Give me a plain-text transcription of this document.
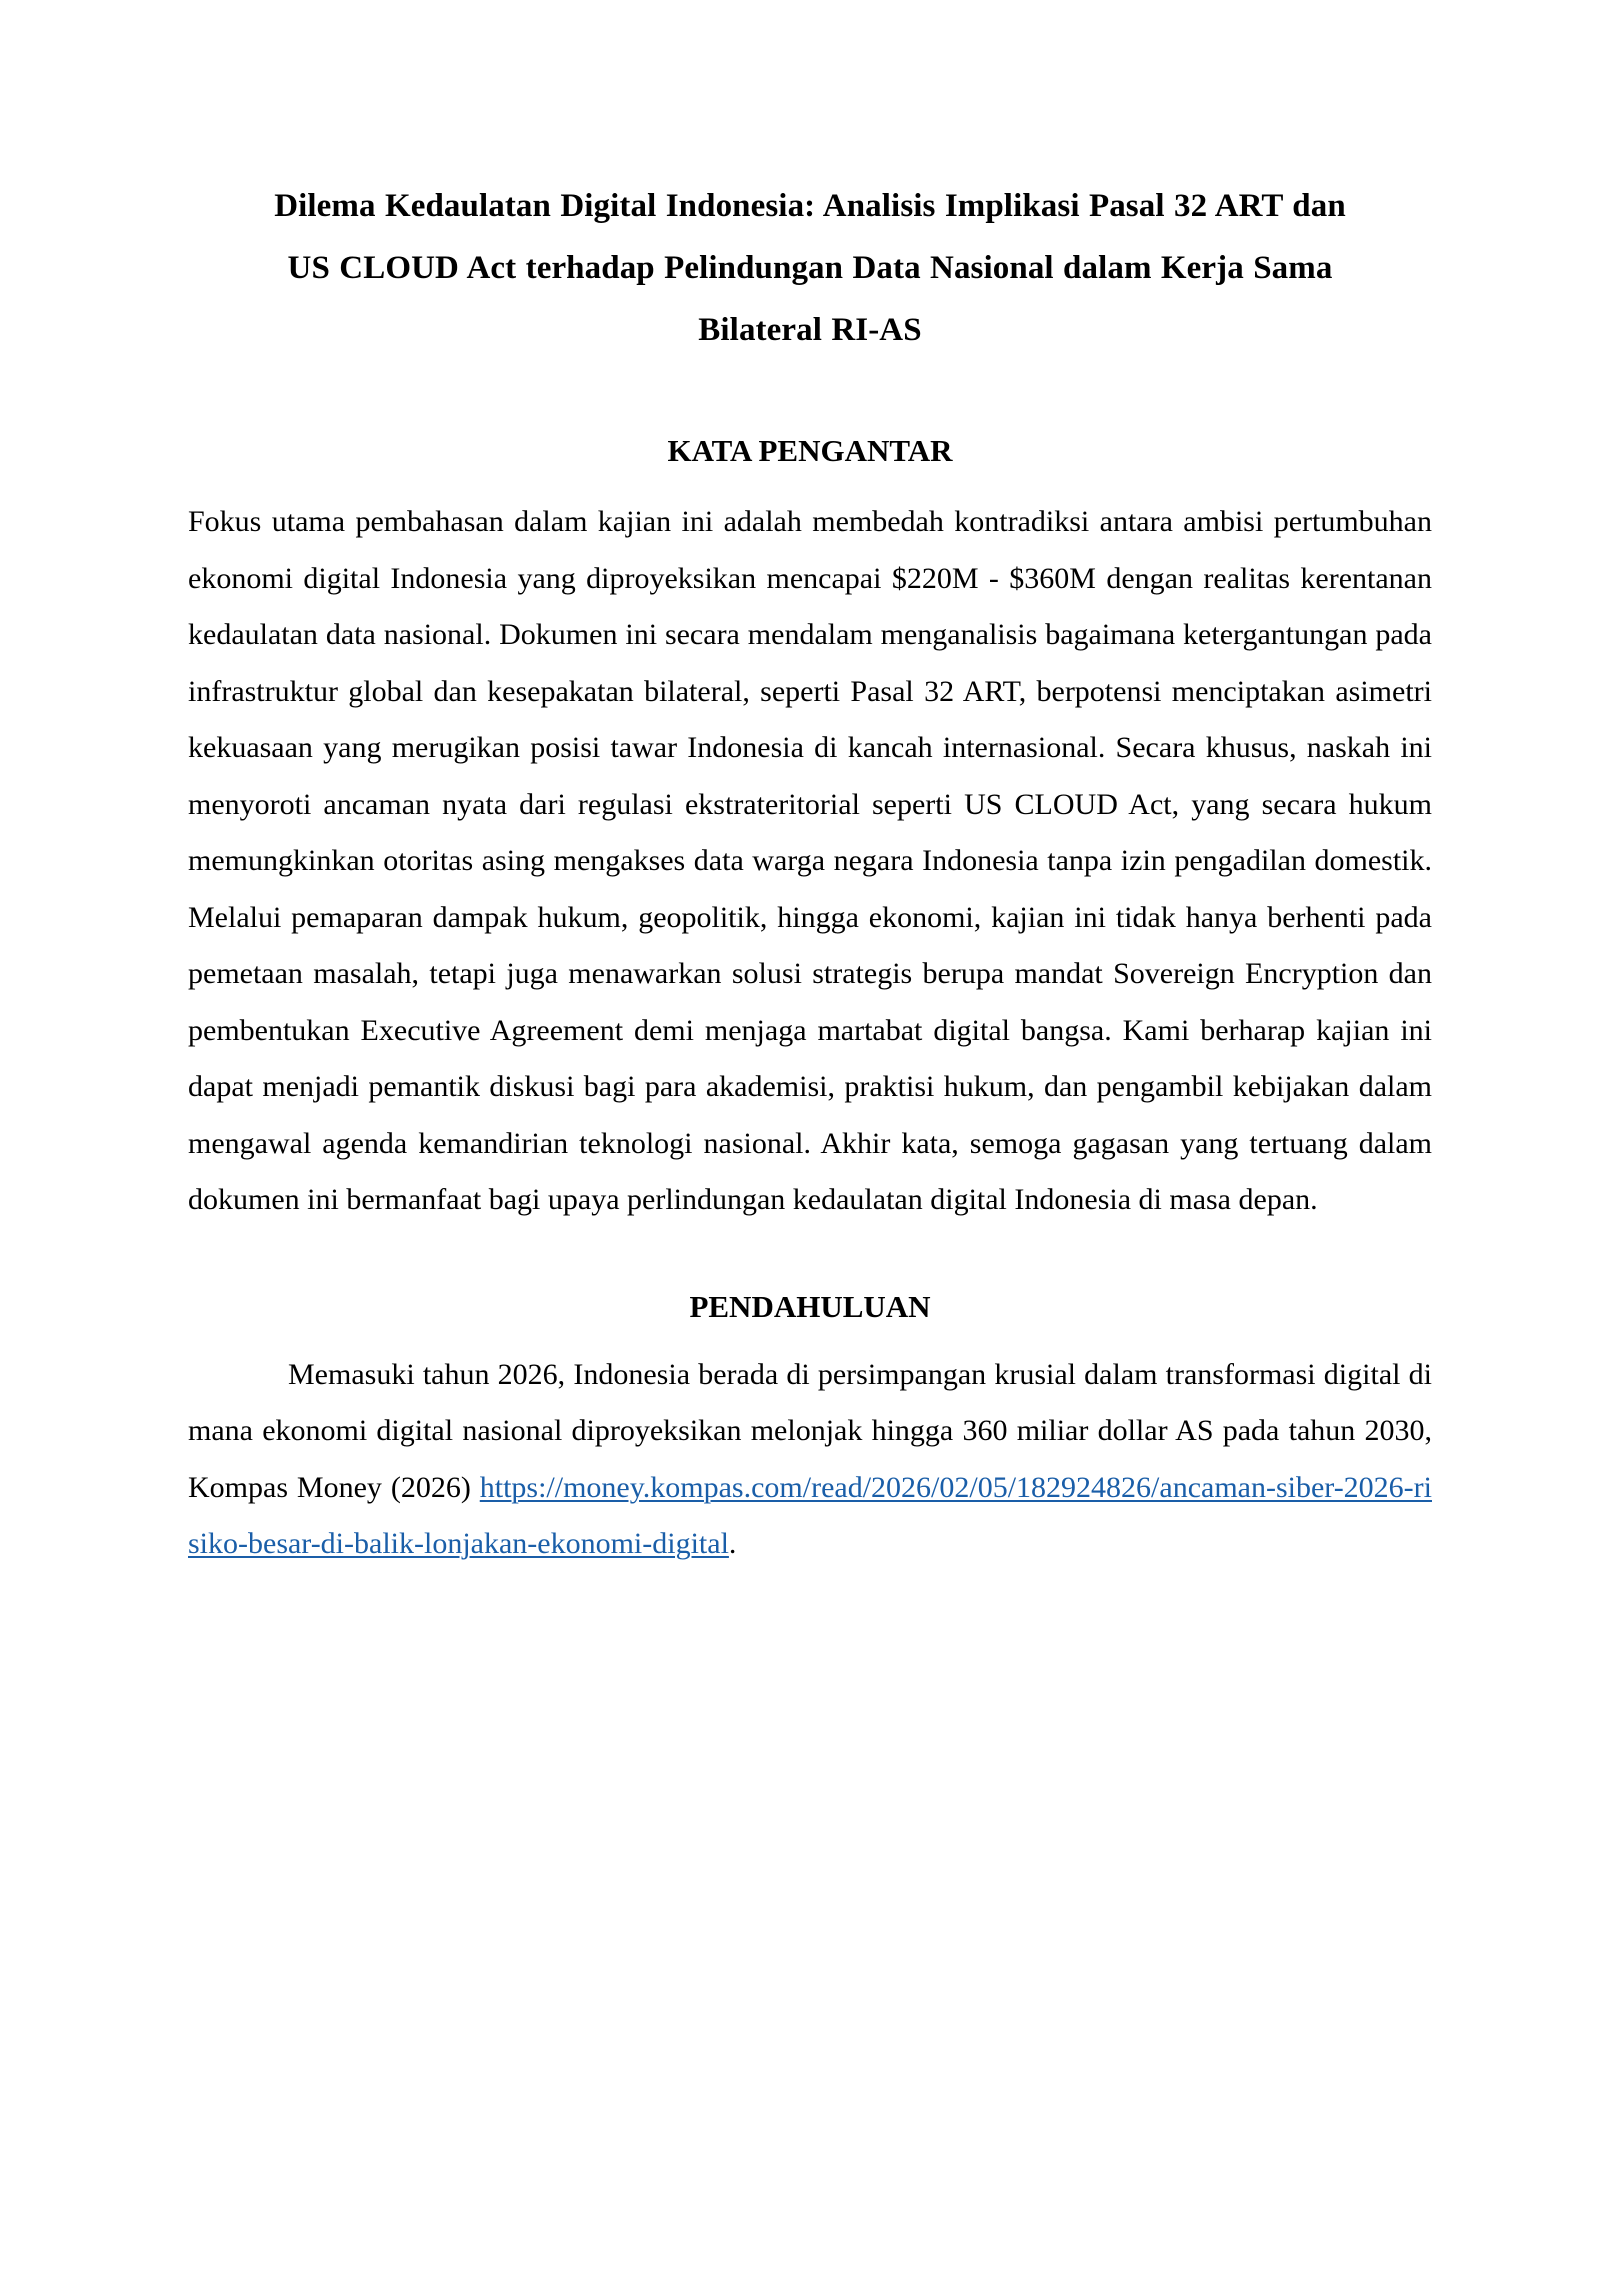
Dilema Kedaulatan Digital Indonesia: Analisis Implikasi Pasal 32 ART dan
US CLOUD Act terhadap Pelindungan Data Nasional dalam Kerja Sama
Bilateral RI-AS
KATA PENGANTAR

Fokus utama pembahasan dalam kajian ini adalah membedah kontradiksi antara ambisi pertumbuhan ekonomi digital Indonesia yang diproyeksikan mencapai $220M - $360M dengan realitas kerentanan kedaulatan data nasional. Dokumen ini secara mendalam menganalisis bagaimana ketergantungan pada infrastruktur global dan kesepakatan bilateral, seperti Pasal 32 ART, berpotensi menciptakan asimetri kekuasaan yang merugikan posisi tawar Indonesia di kancah internasional. Secara khusus, naskah ini menyoroti ancaman nyata dari regulasi ekstrateritorial seperti US CLOUD Act, yang secara hukum memungkinkan otoritas asing mengakses data warga negara Indonesia tanpa izin pengadilan domestik. Melalui pemaparan dampak hukum, geopolitik, hingga ekonomi, kajian ini tidak hanya berhenti pada pemetaan masalah, tetapi juga menawarkan solusi strategis berupa mandat Sovereign Encryption dan pembentukan Executive Agreement demi menjaga martabat digital bangsa. Kami berharap kajian ini dapat menjadi pemantik diskusi bagi para akademisi, praktisi hukum, dan pengambil kebijakan dalam mengawal agenda kemandirian teknologi nasional. Akhir kata, semoga gagasan yang tertuang dalam dokumen ini bermanfaat bagi upaya perlindungan kedaulatan digital Indonesia di masa depan.

PENDAHULUAN

Memasuki tahun 2026, Indonesia berada di persimpangan krusial dalam transformasi digital di mana ekonomi digital nasional diproyeksikan melonjak hingga 360 miliar dollar AS pada tahun 2030, Kompas Money (2026) https://money.kompas.com/read/2026/02/05/182924826/ancaman-siber-2026-risiko-besar-di-balik-lonjakan-ekonomi-digital.
